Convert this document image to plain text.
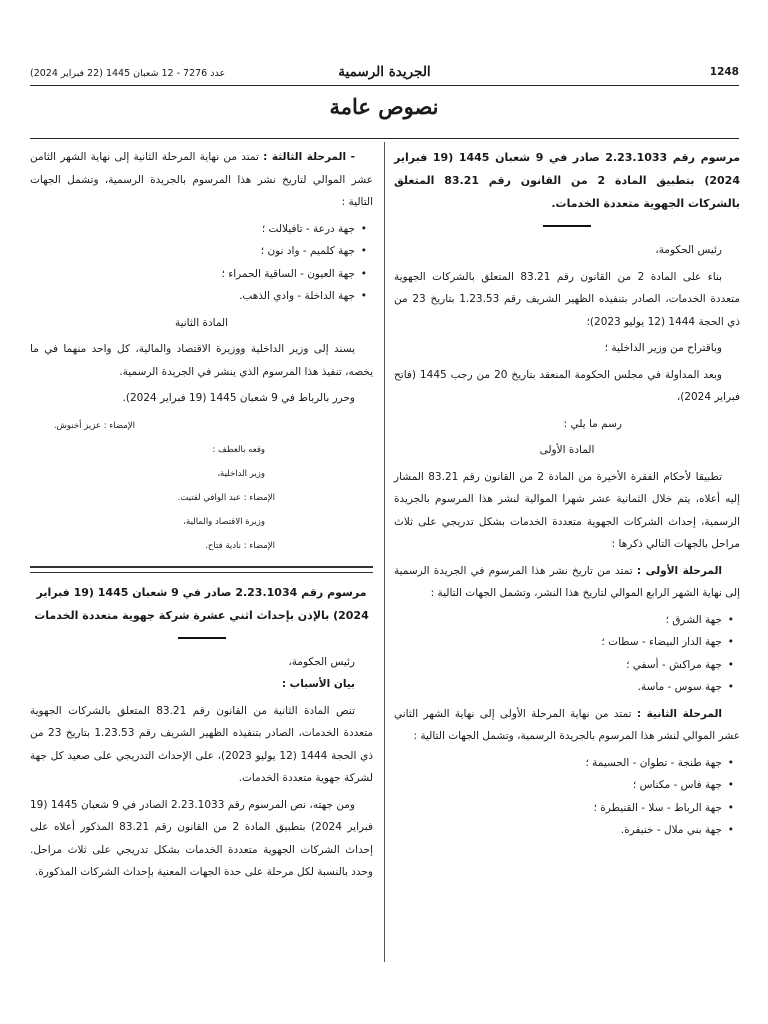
1248
الجريدة الرسمية
عدد 7276 - 12 شعبان 1445 (22 فبراير 2024)
نصوص عامة

مرسوم رقم 2.23.1033 صادر في 9 شعبان 1445 (19 فبراير 2024) بتطبيق المادة 2 من القانون رقم 83.21 المتعلق بالشركات الجهوية متعددة الخدمات.

رئيس الحكومة،

بناء على المادة 2 من القانون رقم 83.21 المتعلق بالشركات الجهوية متعددة الخدمات، الصادر بتنفيذه الظهير الشريف رقم 1.23.53 بتاريخ 23 من ذي الحجة 1444 (12 يوليو 2023)؛

وباقتراح من وزير الداخلية ؛

وبعد المداولة في مجلس الحكومة المنعقد بتاريخ 20 من رجب 1445 (فاتح فبراير 2024)،

رسم ما يلي :

المادة الأولى

تطبيقا لأحكام الفقرة الأخيرة من المادة 2 من القانون رقم 83.21 المشار إليه أعلاه، يتم خلال الثمانية عشر شهرا الموالية لنشر هذا المرسوم بالجريدة الرسمية، إحداث الشركات الجهوية متعددة الخدمات بشكل تدريجي على ثلاث مراحل بالجهات التالي ذكرها :

المرحلة الأولى : تمتد من تاريخ نشر هذا المرسوم في الجريدة الرسمية إلى نهاية الشهر الرابع الموالي لتاريخ هذا النشر، وتشمل الجهات التالية :

• جهة الشرق ؛
• جهة الدار البيضاء - سطات ؛
• جهة مراكش - أسفي ؛
• جهة سوس - ماسة.

المرحلة الثانية : تمتد من نهاية المرحلة الأولى إلى نهاية الشهر الثاني عشر الموالي لنشر هذا المرسوم بالجريدة الرسمية، وتشمل الجهات التالية :

• جهة طنجة - تطوان - الحسيمة ؛
• جهة فاس - مكناس ؛
• جهة الرباط - سلا - القنيطرة ؛
• جهة بني ملال - خنيفرة.

- المرحلة الثالثة : تمتد من نهاية المرحلة الثانية إلى نهاية الشهر الثامن عشر الموالي لتاريخ نشر هذا المرسوم بالجريدة الرسمية، وتشمل الجهات التالية :

• جهة درعة - تافيلالت ؛
• جهة كلميم - واد نون ؛
• جهة العيون - الساقية الحمراء ؛
• جهة الداخلة - وادي الذهب.

المادة الثانية

يسند إلى وزير الداخلية ووزيرة الاقتصاد والمالية، كل واحد منهما في ما يخصه، تنفيذ هذا المرسوم الذي ينشر في الجريدة الرسمية.

وحرر بالرباط في 9 شعبان 1445 (19 فبراير 2024).

الإمضاء : عزيز أخنوش.
وقعه بالعطف :
وزير الداخلية،
الإمضاء : عبد الوافي لفتيت.
وزيرة الاقتصاد والمالية،
الإمضاء : نادية فتاح.

مرسوم رقم 2.23.1034 صادر في 9 شعبان 1445 (19 فبراير 2024) بالإذن بإحداث اثني عشرة شركة جهوية متعددة الخدمات

رئيس الحكومة،

بيان الأسباب :

تنص المادة الثانية من القانون رقم 83.21 المتعلق بالشركات الجهوية متعددة الخدمات، الصادر بتنفيذه الظهير الشريف رقم 1.23.53 بتاريخ 23 من ذي الحجة 1444 (12 يوليو 2023)، على الإحداث التدريجي على صعيد كل جهة لشركة جهوية متعددة الخدمات.

ومن جهته، نص المرسوم رقم 2.23.1033 الصادر في 9 شعبان 1445 (19 فبراير 2024) بتطبيق المادة 2 من القانون رقم 83.21 المذكور أعلاه على إحداث الشركات الجهوية متعددة الخدمات بشكل تدريجي على ثلاث مراحل. وحدد بالنسبة لكل مرحلة على حدة الجهات المعنية بإحداث الشركات المذكورة.
